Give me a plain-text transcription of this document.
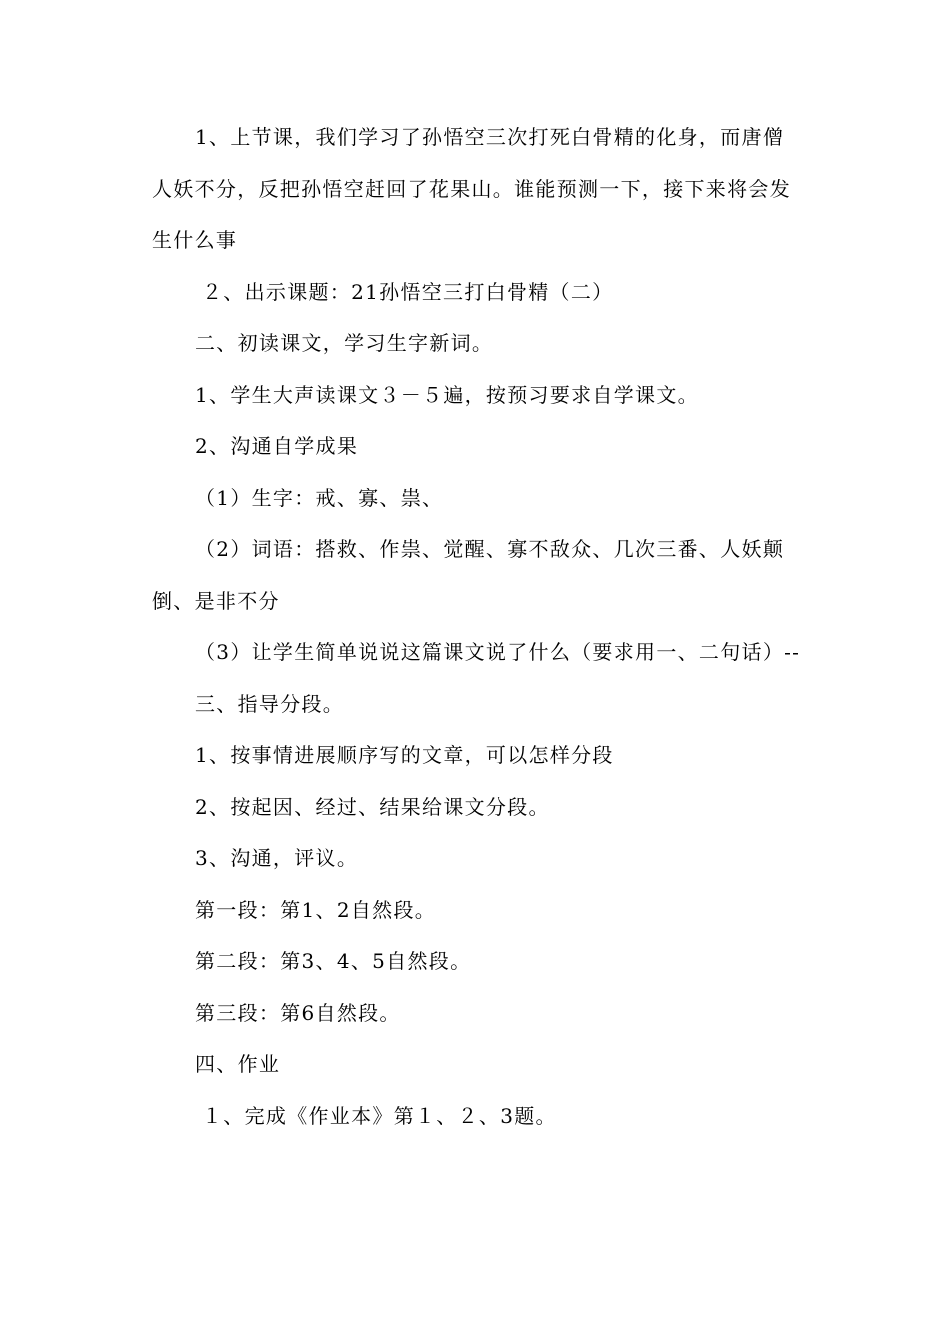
1、上节课，我们学习了孙悟空三次打死白骨精的化身，而唐僧人妖不分，反把孙悟空赶回了花果山。谁能预测一下，接下来将会发生什么事

２、出示课题：21孙悟空三打白骨精（二）

二、初读课文，学习生字新词。

1、学生大声读课文３－５遍，按预习要求自学课文。

2、沟通自学成果

（1）生字：戒、寡、祟、

（2）词语：搭救、作祟、觉醒、寡不敌众、几次三番、人妖颠倒、是非不分

（3）让学生简单说说这篇课文说了什么（要求用一、二句话）--

三、指导分段。

1、按事情进展顺序写的文章，可以怎样分段

2、按起因、经过、结果给课文分段。

3、沟通，评议。

第一段：第1、2自然段。

第二段：第3、4、5自然段。

第三段：第6自然段。

四、作业

１、完成《作业本》第１、２、3题。
